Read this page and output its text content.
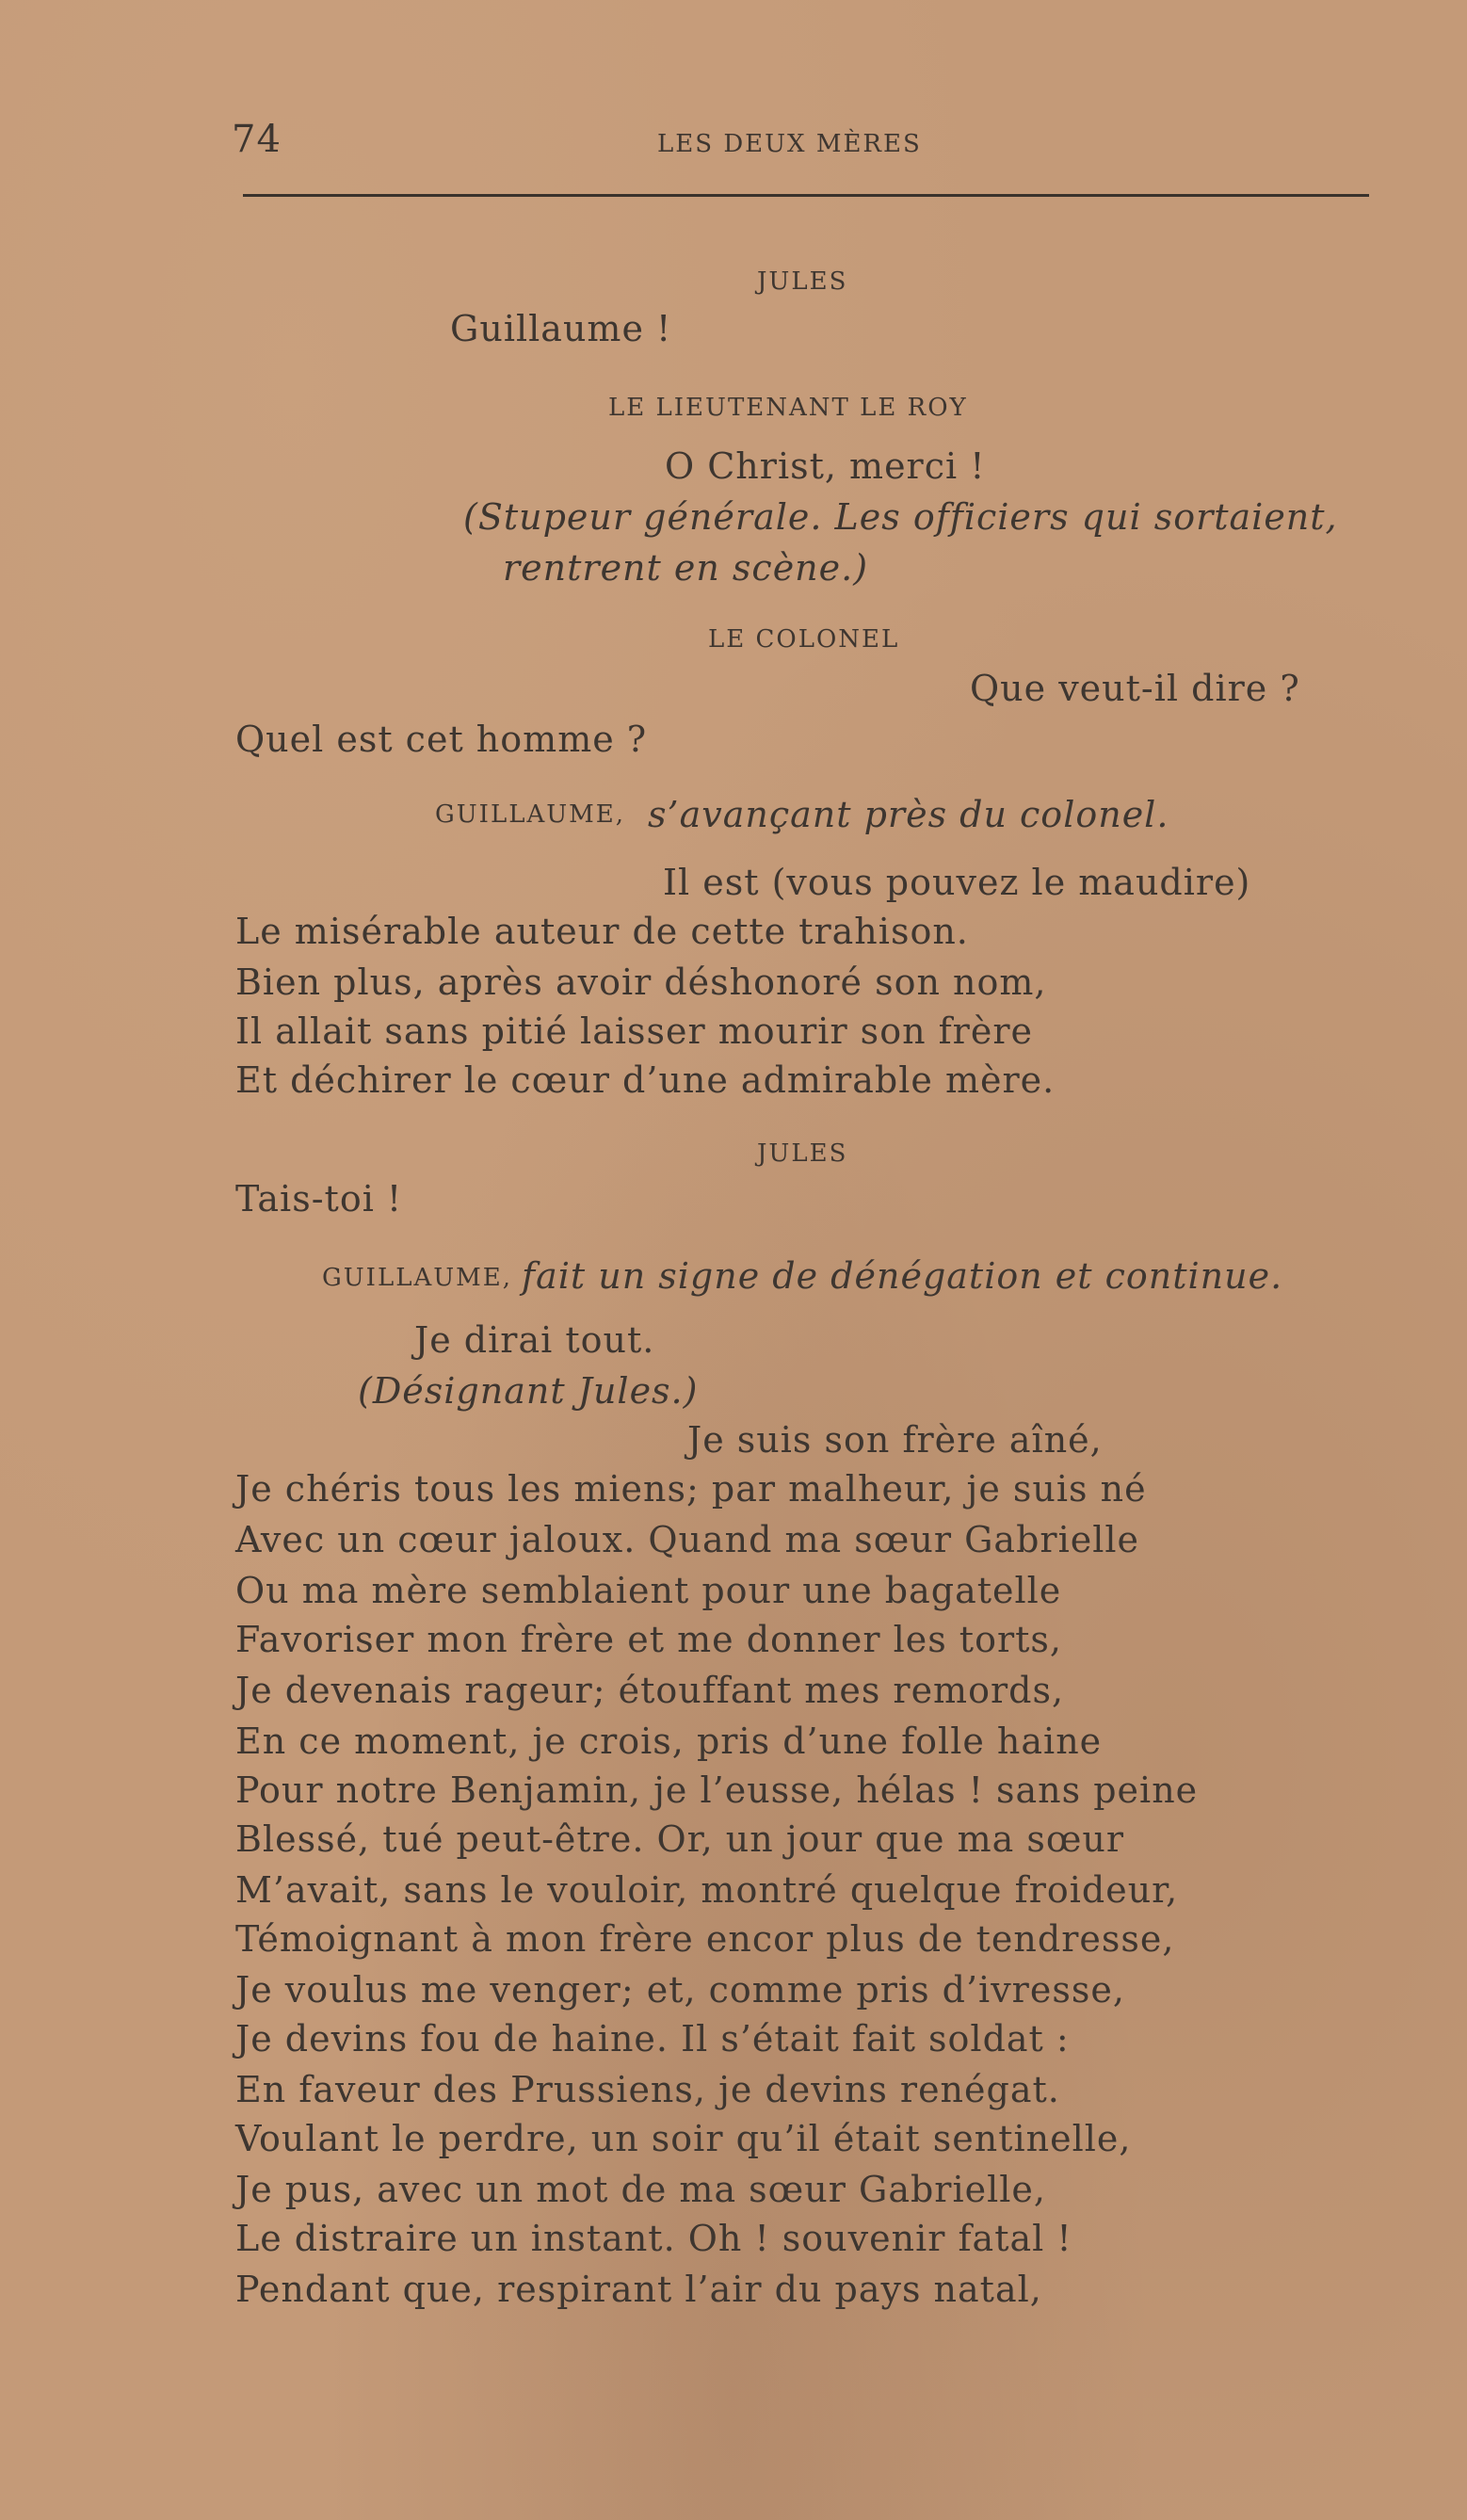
74	LES DEUX MÈRES
JULES
Guillaume !
LE LIEUTENANT LE ROY
O Christ, merci !
(Stupeur générale. Les officiers qui sortaient,
rentrent en scène.)
LE COLONEL
Que veut-il dire ?
Quel est cet homme ?
GUILLAUME, s’avançant près du colonel.
Il est (vous pouvez le maudire)
Le misérable auteur de cette trahison.
Bien plus, après avoir déshonoré son nom,
Il allait sans pitié laisser mourir son frère
Et déchirer le cœur d’une admirable mère.
JULES
Tais-toi !
GUILLAUME, fait un signe de dénégation et continue.
Je dirai tout.
(Désignant Jules.)
Je suis son frère aîné,
Je chéris tous les miens; par malheur, je suis né
Avec un cœur jaloux. Quand ma sœur Gabrielle
Ou ma mère semblaient pour une bagatelle
Favoriser mon frère et me donner les torts,
Je devenais rageur; étouffant mes remords,
En ce moment, je crois, pris d’une folle haine
Pour notre Benjamin, je l’eusse, hélas ! sans peine
Blessé, tué peut-être. Or, un jour que ma sœur
M’avait, sans le vouloir, montré quelque froideur,
Témoignant à mon frère encor plus de tendresse,
Je voulus me venger; et, comme pris d’ivresse,
Je devins fou de haine. Il s’était fait soldat :
En faveur des Prussiens, je devins renégat.
Voulant le perdre, un soir qu’il était sentinelle,
Je pus, avec un mot de ma sœur Gabrielle,
Le distraire un instant. Oh ! souvenir fatal !
Pendant que, respirant l’air du pays natal,
